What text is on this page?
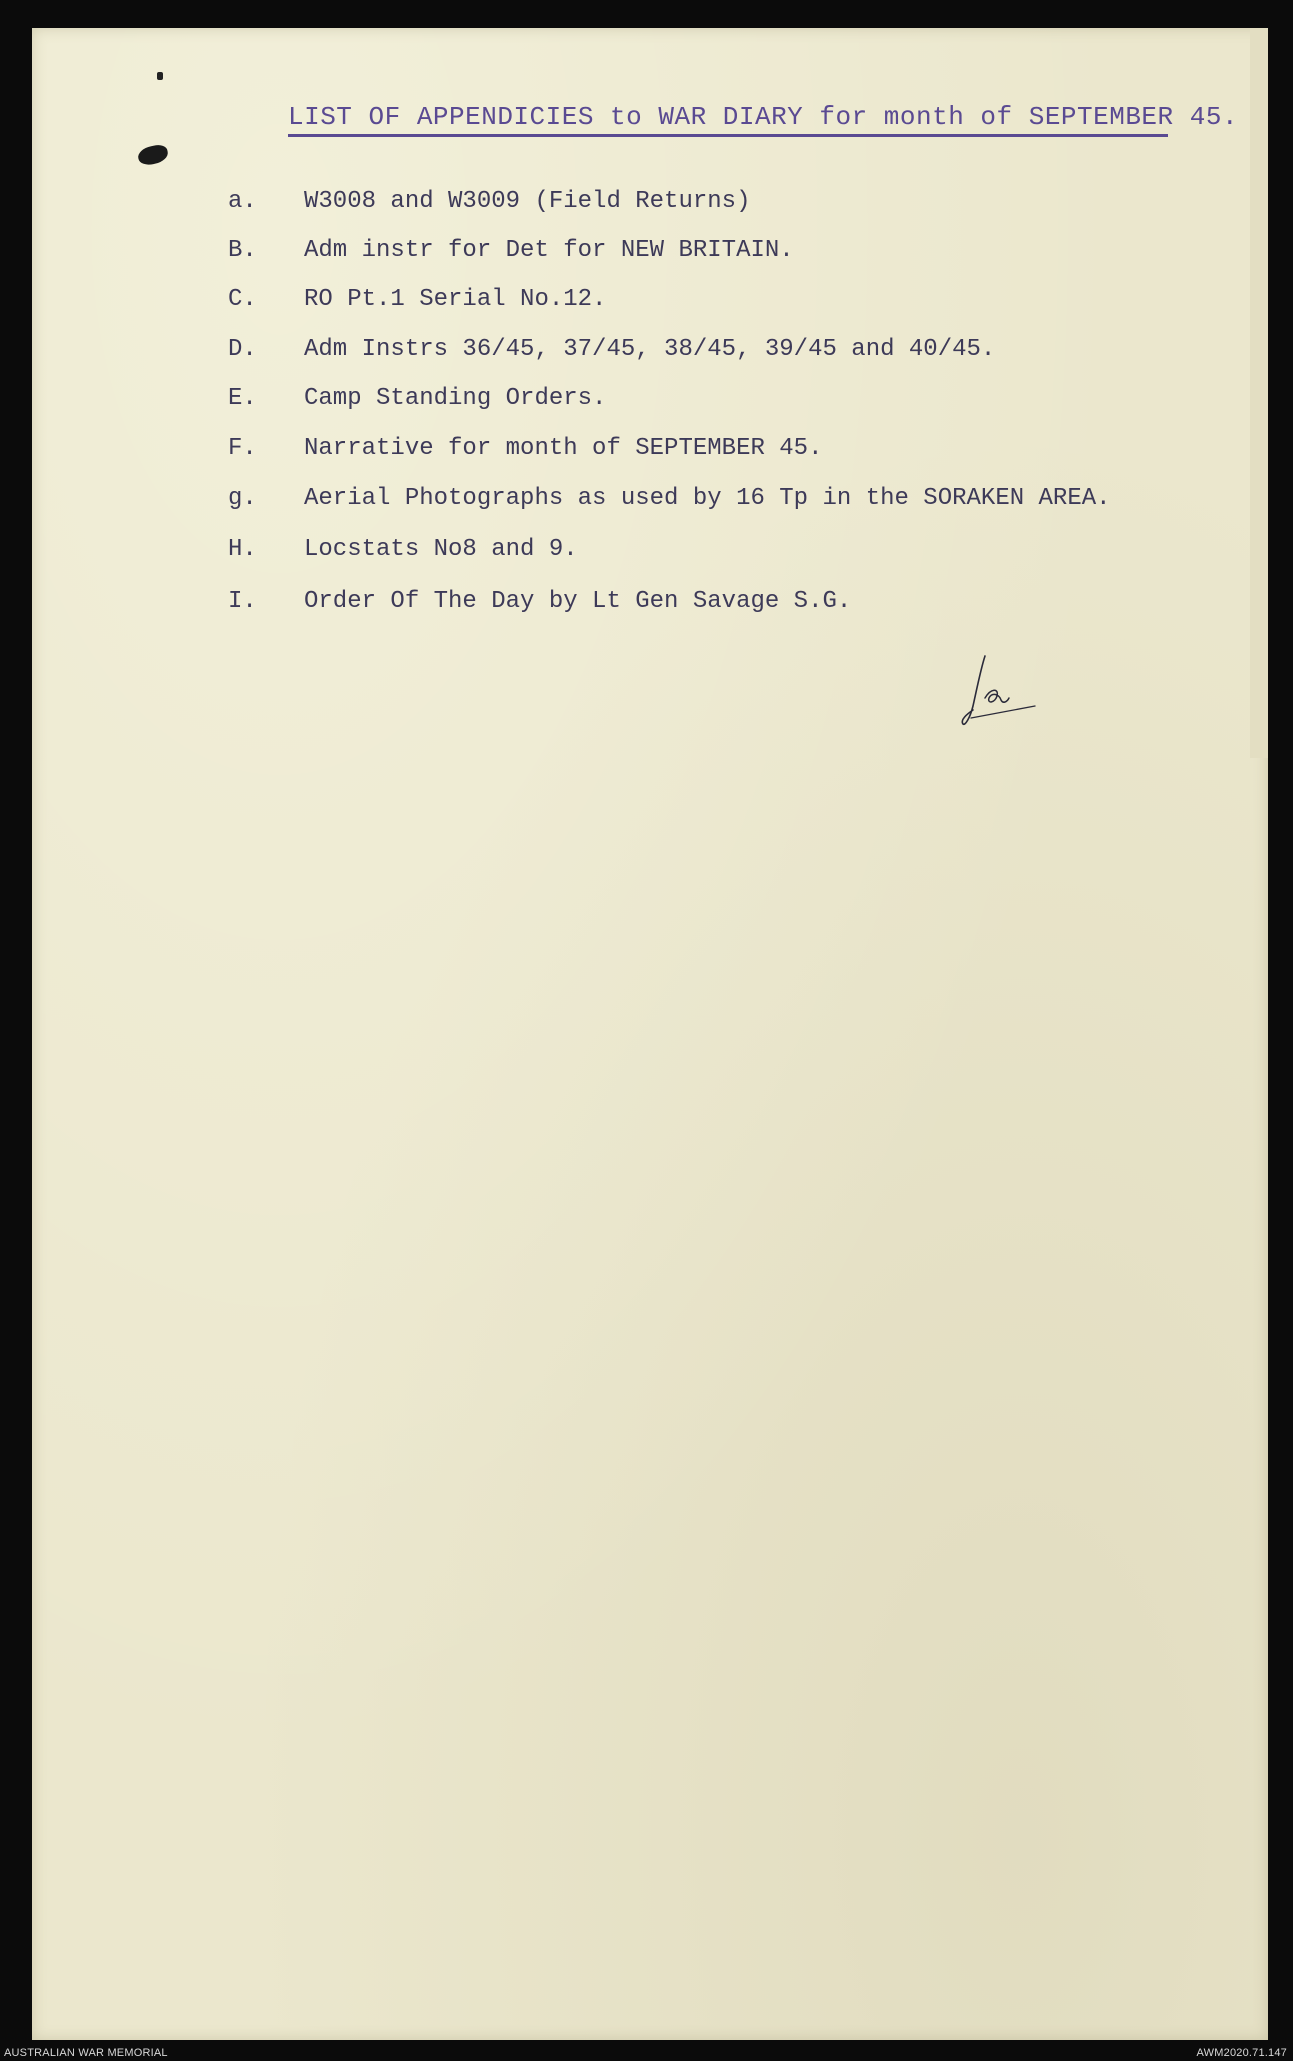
LIST OF APPENDICIES to WAR DIARY for month of SEPTEMBER 45.
a. W3008 and W3009 (Field Returns)
B. Adm instr for Det for NEW BRITAIN.
C. RO Pt.1 Serial No.12.
D. Adm Instrs 36/45, 37/45, 38/45, 39/45 and 40/45.
E. Camp Standing Orders.
F. Narrative for month of SEPTEMBER 45.
g. Aerial Photographs as used by 16 Tp in the SORAKEN AREA.
H. Locstats No8 and 9.
I. Order Of The Day by Lt Gen Savage S.G.
AUSTRALIAN WAR MEMORIAL	AWM2020.71.147
